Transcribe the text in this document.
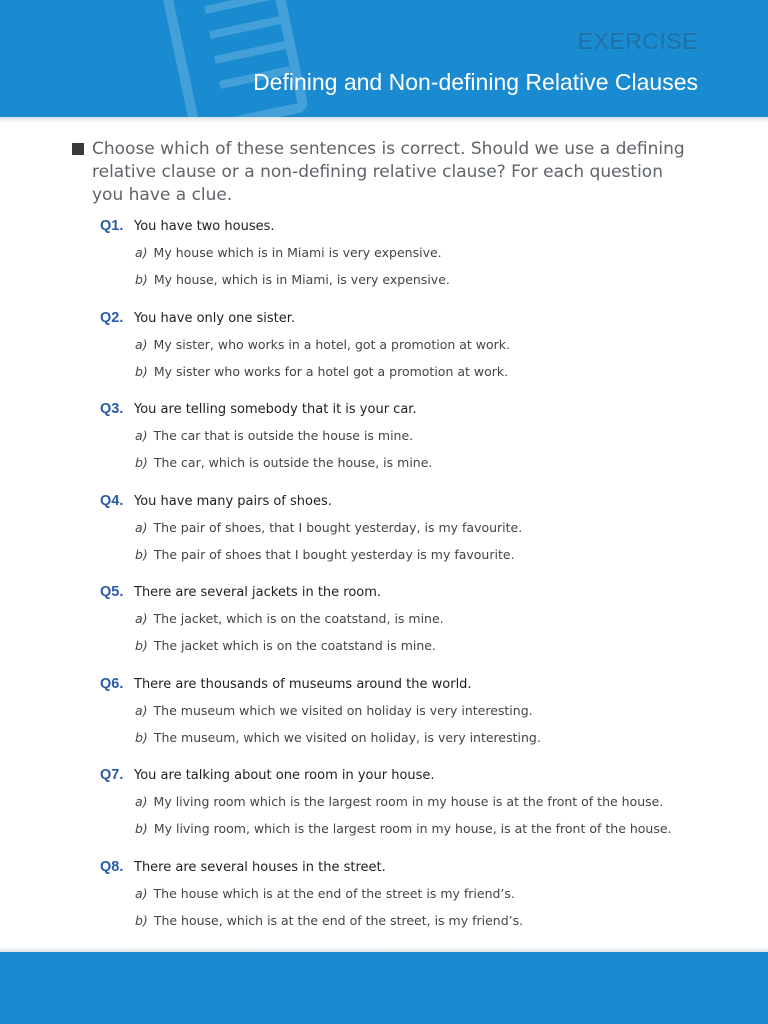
EXERCISE
Defining and Non-defining Relative Clauses
Choose which of these sentences is correct. Should we use a defining relative clause or a non-defining relative clause? For each question you have a clue.
Q1. You have two houses.
a) My house which is in Miami is very expensive.
b) My house, which is in Miami, is very expensive.
Q2. You have only one sister.
a) My sister, who works in a hotel, got a promotion at work.
b) My sister who works for a hotel got a promotion at work.
Q3. You are telling somebody that it is your car.
a) The car that is outside the house is mine.
b) The car, which is outside the house, is mine.
Q4. You have many pairs of shoes.
a) The pair of shoes, that I bought yesterday, is my favourite.
b) The pair of shoes that I bought yesterday is my favourite.
Q5. There are several jackets in the room.
a) The jacket, which is on the coatstand, is mine.
b) The jacket which is on the coatstand is mine.
Q6. There are thousands of museums around the world.
a) The museum which we visited on holiday is very interesting.
b) The museum, which we visited on holiday, is very interesting.
Q7. You are talking about one room in your house.
a) My living room which is the largest room in my house is at the front of the house.
b) My living room, which is the largest room in my house, is at the front of the house.
Q8. There are several houses in the street.
a) The house which is at the end of the street is my friend’s.
b) The house, which is at the end of the street, is my friend’s.
